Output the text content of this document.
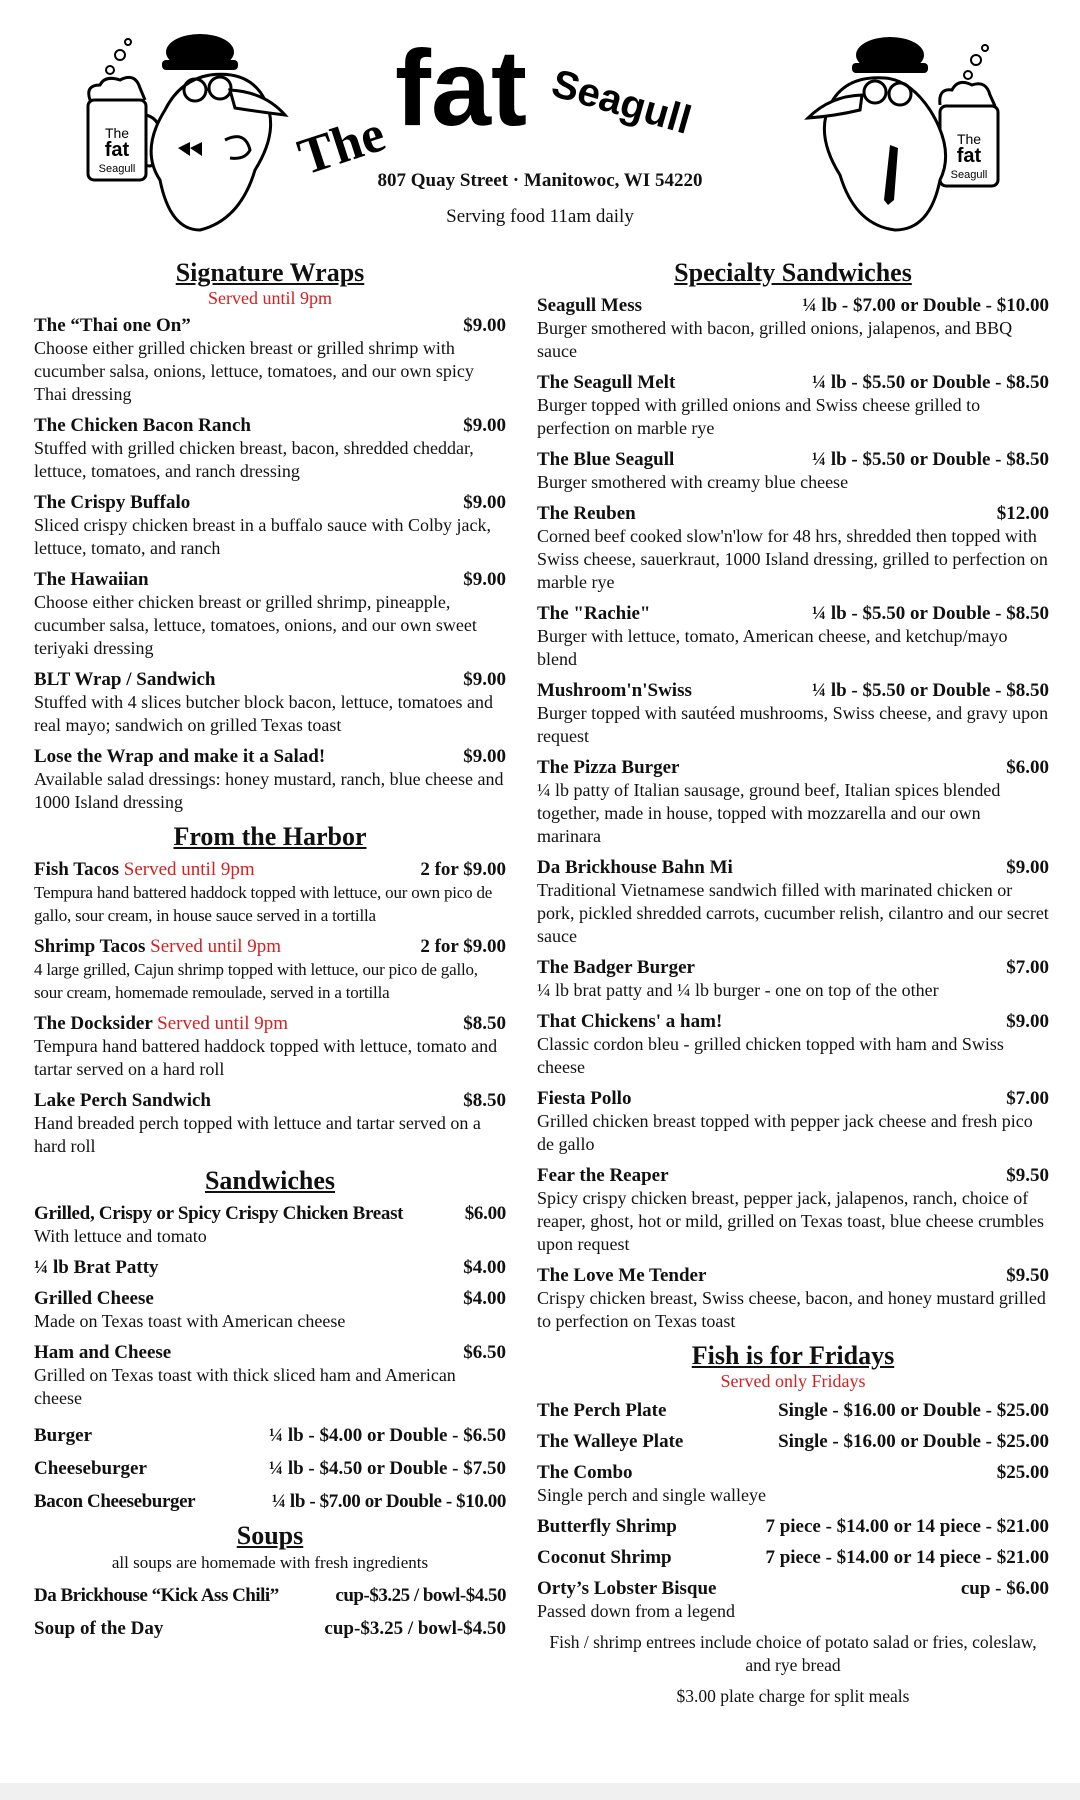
The
fat
Seagull	The fat Seagull	The
fat
Seagull
807 Quay Street · Manitowoc, WI 54220
Serving food 11am daily
Signature Wraps
Served until 9pm
The “Thai one On”	$9.00
Choose either grilled chicken breast or grilled shrimp with cucumber salsa, onions, lettuce, tomatoes, and our own spicy Thai dressing
The Chicken Bacon Ranch	$9.00
Stuffed with grilled chicken breast, bacon, shredded cheddar, lettuce, tomatoes, and ranch dressing
The Crispy Buffalo	$9.00
Sliced crispy chicken breast in a buffalo sauce with Colby jack, lettuce, tomato, and ranch
The Hawaiian	$9.00
Choose either chicken breast or grilled shrimp, pineapple, cucumber salsa, lettuce, tomatoes, onions, and our own sweet teriyaki dressing
BLT Wrap / Sandwich	$9.00
Stuffed with 4 slices butcher block bacon, lettuce, tomatoes and real mayo; sandwich on grilled Texas toast
Lose the Wrap and make it a Salad!	$9.00
Available salad dressings: honey mustard, ranch, blue cheese and 1000 Island dressing
From the Harbor
Fish Tacos Served until 9pm	2 for $9.00
Tempura hand battered haddock topped with lettuce, our own pico de gallo, sour cream, in house sauce served in a tortilla
Shrimp Tacos Served until 9pm	2 for $9.00
4 large grilled, Cajun shrimp topped with lettuce, our pico de gallo, sour cream, homemade remoulade, served in a tortilla
The Docksider Served until 9pm	$8.50
Tempura hand battered haddock topped with lettuce, tomato and tartar served on a hard roll
Lake Perch Sandwich	$8.50
Hand breaded perch topped with lettuce and tartar served on a hard roll
Sandwiches
Grilled, Crispy or Spicy Crispy Chicken Breast	$6.00
With lettuce and tomato
¼ lb Brat Patty	$4.00
Grilled Cheese	$4.00
Made on Texas toast with American cheese
Ham and Cheese	$6.50
Grilled on Texas toast with thick sliced ham and American cheese
Burger	¼ lb - $4.00 or Double - $6.50
Cheeseburger	¼ lb - $4.50 or Double - $7.50
Bacon Cheeseburger	¼ lb - $7.00 or Double - $10.00
Soups
all soups are homemade with fresh ingredients
Da Brickhouse “Kick Ass Chili”	cup-$3.25 / bowl-$4.50
Soup of the Day	cup-$3.25 / bowl-$4.50
Specialty Sandwiches
Seagull Mess	¼ lb - $7.00 or Double - $10.00
Burger smothered with bacon, grilled onions, jalapenos, and BBQ sauce
The Seagull Melt	¼ lb - $5.50 or Double - $8.50
Burger topped with grilled onions and Swiss cheese grilled to perfection on marble rye
The Blue Seagull	¼ lb - $5.50 or Double - $8.50
Burger smothered with creamy blue cheese
The Reuben	$12.00
Corned beef cooked slow'n'low for 48 hrs, shredded then topped with Swiss cheese, sauerkraut, 1000 Island dressing, grilled to perfection on marble rye
The "Rachie"	¼ lb - $5.50 or Double - $8.50
Burger with lettuce, tomato, American cheese, and ketchup/mayo blend
Mushroom'n'Swiss	¼ lb - $5.50 or Double - $8.50
Burger topped with sautéed mushrooms, Swiss cheese, and gravy upon request
The Pizza Burger	$6.00
¼ lb patty of Italian sausage, ground beef, Italian spices blended together, made in house, topped with mozzarella and our own marinara
Da Brickhouse Bahn Mi	$9.00
Traditional Vietnamese sandwich filled with marinated chicken or pork, pickled shredded carrots, cucumber relish, cilantro and our secret sauce
The Badger Burger	$7.00
¼ lb brat patty and ¼ lb burger - one on top of the other
That Chickens' a ham!	$9.00
Classic cordon bleu - grilled chicken topped with ham and Swiss cheese
Fiesta Pollo	$7.00
Grilled chicken breast topped with pepper jack cheese and fresh pico de gallo
Fear the Reaper	$9.50
Spicy crispy chicken breast, pepper jack, jalapenos, ranch, choice of reaper, ghost, hot or mild, grilled on Texas toast, blue cheese crumbles upon request
The Love Me Tender	$9.50
Crispy chicken breast, Swiss cheese, bacon, and honey mustard grilled to perfection on Texas toast
Fish is for Fridays
Served only Fridays
The Perch Plate	Single - $16.00 or Double - $25.00
The Walleye Plate	Single - $16.00 or Double - $25.00
The Combo	$25.00
Single perch and single walleye
Butterfly Shrimp	7 piece - $14.00 or 14 piece - $21.00
Coconut Shrimp	7 piece - $14.00 or 14 piece - $21.00
Orty’s Lobster Bisque	cup - $6.00
Passed down from a legend
Fish / shrimp entrees include choice of potato salad or fries, coleslaw, and rye bread
$3.00 plate charge for split meals
